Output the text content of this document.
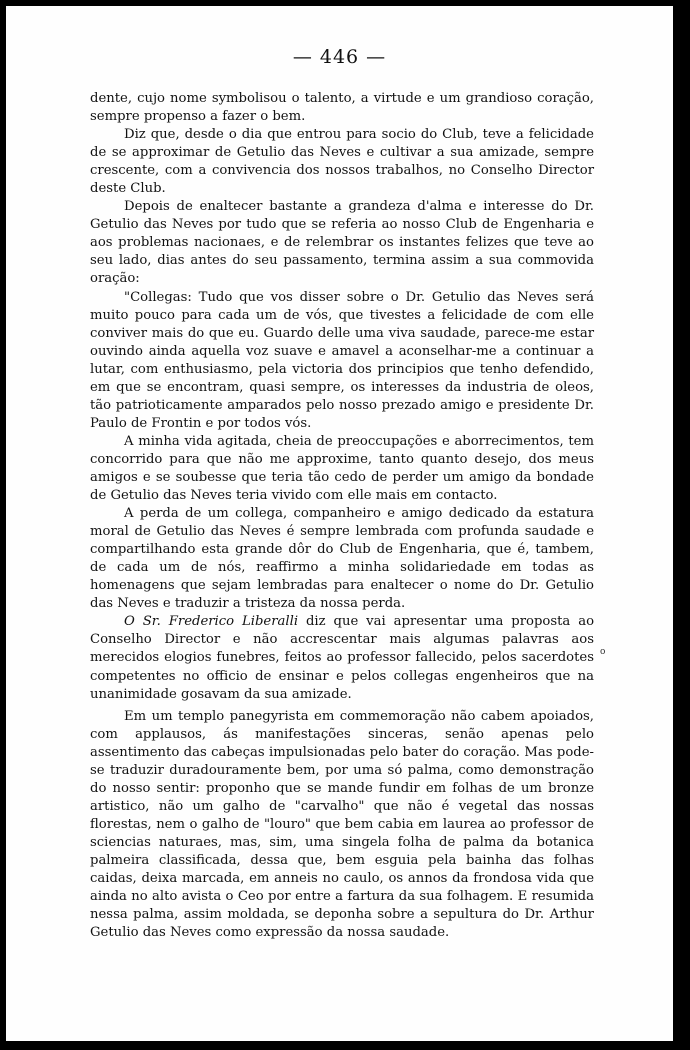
— 446 —

dente, cujo nome symbolisou o talento, a virtude e um grandioso coração, sempre propenso a fazer o bem.

Diz que, desde o dia que entrou para socio do Club, teve a felicidade de se approximar de Getulio das Neves e cultivar a sua amizade, sempre crescente, com a convivencia dos nossos trabalhos, no Conselho Director deste Club.

Depois de enaltecer bastante a grandeza d'alma e interesse do Dr. Getulio das Neves por tudo que se referia ao nosso Club de Engenharia e aos problemas nacionaes, e de relembrar os instantes felizes que teve ao seu lado, dias antes do seu passamento, termina assim a sua commovida oração:

"Collegas: Tudo que vos disser sobre o Dr. Getulio das Neves será muito pouco para cada um de vós, que tivestes a felicidade de com elle conviver mais do que eu. Guardo delle uma viva saudade, parece-me estar ouvindo ainda aquella voz suave e amavel a aconselhar-me a continuar a lutar, com enthusiasmo, pela victoria dos principios que tenho defendido, em que se encontram, quasi sempre, os interesses da industria de oleos, tão patrioticamente amparados pelo nosso prezado amigo e presidente Dr. Paulo de Frontin e por todos vós.

A minha vida agitada, cheia de preoccupações e aborrecimentos, tem concorrido para que não me approxime, tanto quanto desejo, dos meus amigos e se soubesse que teria tão cedo de perder um amigo da bondade de Getulio das Neves teria vivido com elle mais em contacto.

A perda de um collega, companheiro e amigo dedicado da estatura moral de Getulio das Neves é sempre lembrada com profunda saudade e compartilhando esta grande dôr do Club de Engenharia, que é, tambem, de cada um de nós, reaffirmo a minha solidariedade em todas as homenagens que sejam lembradas para enaltecer o nome do Dr. Getulio das Neves e traduzir a tristeza da nossa perda.

O Sr. Frederico Liberalli diz que vai apresentar uma proposta ao Conselho Director e não accrescentar mais algumas palavras aos merecidos elogios funebres, feitos ao professor fallecido, pelos sacerdotes competentes no officio de ensinar e pelos collegas engenheiros que na unanimidade gosavam da sua amizade.

Em um templo panegyrista em commemoração não cabem apoiados, com applausos, ás manifestações sinceras, senão apenas pelo assentimento das cabeças impulsionadas pelo bater do coração. Mas pode-se traduzir duradouramente bem, por uma só palma, como demonstração do nosso sentir: proponho que se mande fundir em folhas de um bronze artistico, não um galho de "carvalho" que não é vegetal das nossas florestas, nem o galho de "louro" que bem cabia em laurea ao professor de sciencias naturaes, mas, sim, uma singela folha de palma da botanica palmeira classificada, dessa que, bem esguia pela bainha das folhas caidas, deixa marcada, em anneis no caulo, os annos da frondosa vida que ainda no alto avista o Ceo por entre a fartura da sua folhagem. E resumida nessa palma, assim moldada, se deponha sobre a sepultura do Dr. Arthur Getulio das Neves como expressão da nossa saudade.

o
